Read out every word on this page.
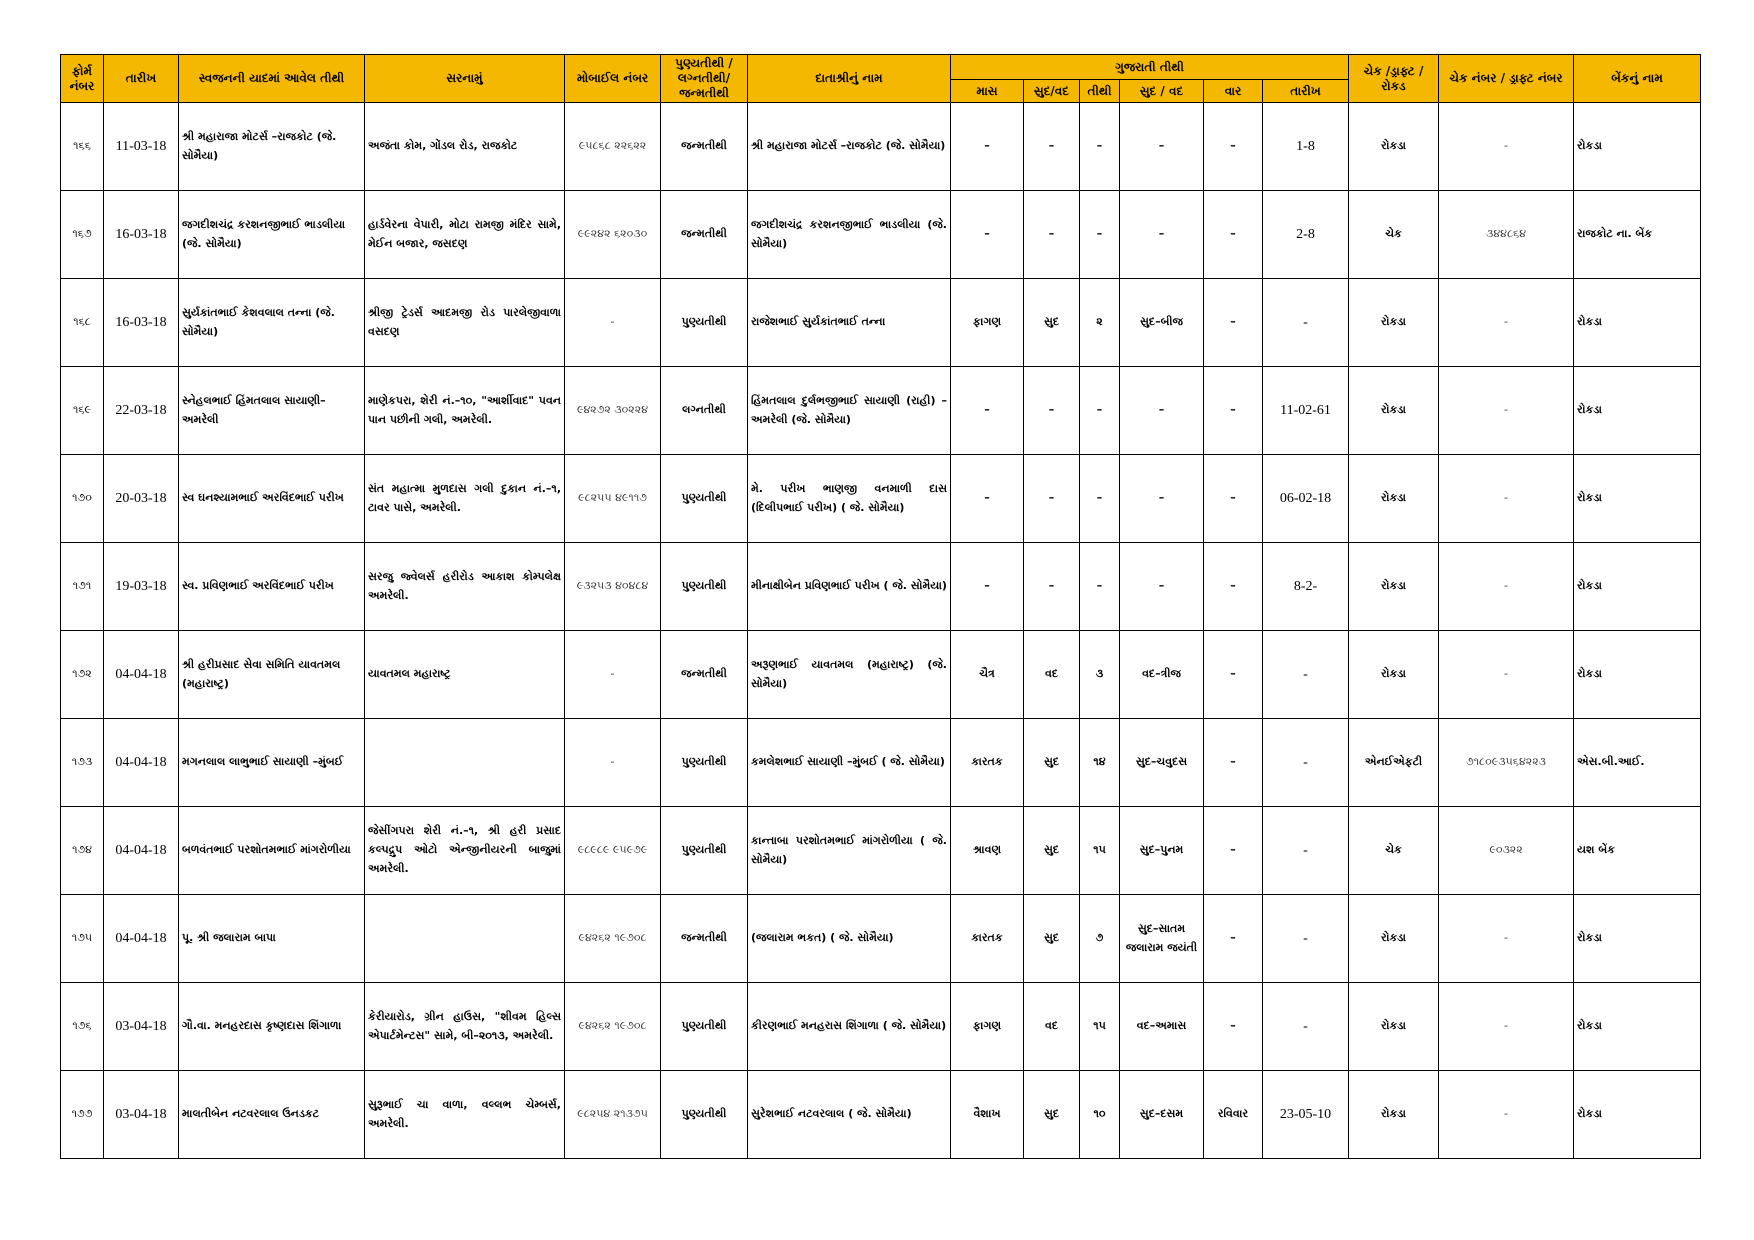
ફોર્મ નંબર	તારીખ	સ્વજનની યાદમાં આવેલ તીથી	સરનામું	મોબાઈલ નંબર	પુણ્યતીથી / લગ્નતીથી/ જન્મતીથી	દાતાશ્રીનું નામ	ગુજરાતી તીથી						ચેક /ડ્રાફ્ટ / રોકડ	ચેક નંબર / ડ્રાફ્ટ નંબર	બેંકનું નામ
							માસ	સુદ/વદ	તીથી	સુદ / વદ	વાર	તારીખ			
૧૬૬	11-03-18	શ્રી મહારાજા મોટર્સ –રાજકોટ (જે. સોમૈયા)	અજંતા કોમ, ગોંડલ રોડ, રાજકોટ	૯૫૮૬૮ ૨૨૬૨૨	જન્મતીથી	શ્રી મહારાજા મોટર્સ –રાજકોટ (જે. સોમૈયા)	–	–	–	–	–	1-8	રોકડા	-	રોકડા
૧૬૭	16-03-18	જગદીશચંદ્ર કરશનજીભાઈ ભાડલીયા (જે. સોમૈયા)	હાર્ડવેરના વેપારી, મોટા રામજી મંદિર સામે, મેઈન બજાર, જસદણ	૯૯૨૪૨ ૬૨૦૩૦	જન્મતીથી	જગદીશચંદ્ર કરશનજીભાઈ ભાડલીયા (જે. સોમૈયા)	–	–	–	–	–	2-8	ચેક	૩૪૪૮૬૪	રાજકોટ ના. બેંક
૧૬૮	16-03-18	સુર્યકાંતભાઈ કેશવલાલ તન્ના (જે. સોમૈયા)	શ્રીજી ટ્રેડર્સ આદમજી રોડ પારલેજીવાળા વસદણ	-	પુણ્યતીથી	રાજેશભાઈ સુર્યકાંતભાઈ તન્ના	ફાગણ	સુદ	૨	સુદ–બીજ	–	-	રોકડા	-	રોકડા
૧૬૯	22-03-18	સ્નેહલભાઈ હિંમતલાલ સાયાણી–અમરેલી	માણેકપરા, શેરી નં.–૧૦, "આર્શીવાદ" પવન પાન પછીની ગલી, અમરેલી.	૯૪૨૭૨ ૩૦૨૨૪	લગ્નતીથી	હિંમતલાલ દુર્લભજીભાઈ સાયાણી (રાહી) – અમરેલી (જે. સોમૈયા)	–	–	–	–	–	11-02-61	રોકડા	-	રોકડા
૧૭૦	20-03-18	સ્વ ઘનશ્યામભાઈ અરવિંદભાઈ પરીખ	સંત મહાત્મા મુળદાસ ગલી દુકાન નં.–૧, ટાવર પાસે, અમરેલી.	૯૮૨૫૫ ૪૯૧૧૭	પુણ્યતીથી	મે. પરીખ ભાણજી વનમાળી દાસ (દિલીપભાઈ પરીખ) ( જે. સોમૈયા)	–	–	–	–	–	06-02-18	રોકડા	-	રોકડા
૧૭૧	19-03-18	સ્વ. પ્રવિણભાઈ અરવિંદભાઈ પરીખ	સરજુ જ્વેલર્સ હરીરોડ આકાશ કોમ્પલેક્ષ અમરેલી.	૯૩૨૫૩ ૪૦૪૮૪	પુણ્યતીથી	મીનાક્ષીબેન પ્રવિણભાઈ પરીખ ( જે. સોમૈયા)	–	–	–	–	–	8-2-	રોકડા	-	રોકડા
૧૭૨	04-04-18	શ્રી હરીપ્રસાદ સેવા સમિતિ યાવતમલ (મહારાષ્ટ્ર)	યાવતમલ મહારાષ્ટ્ર	-	જન્મતીથી	અરૂણભાઈ યાવતમલ (મહારાષ્ટ્ર) (જે. સોમૈયા)	ચૈત્ર	વદ	૩	વદ–ત્રીજ	–	-	રોકડા	-	રોકડા
૧૭૩	04-04-18	મગનલાલ લાભુભાઈ સાયાણી –મુંબઈ		-	પુણ્યતીથી	કમલેશભાઈ સાયાણી –મુંબઈ ( જે. સોમૈયા)	કારતક	સુદ	૧૪	સુદ–ચવુદસ	–	-	એનઈએફટી	૭૧૮૦૯૩૫૬૪૨૨૩	એસ.બી.આઈ.
૧૭૪	04-04-18	બળવંતભાઈ પરશોતમભાઈ માંગરોળીયા	જેસીંગપરા શેરી નં.–૧, શ્રી હરી પ્રસાદ કલ્પદ્રુપ ઓટો એન્જીનીયરની બાજુમાં અમરેલી.	૯૮૯૮૯ ૯૫૯૭૯	પુણ્યતીથી	કાન્તાબા પરશોતમભાઈ માંગરોળીયા ( જે. સોમૈયા)	શ્રાવણ	સુદ	૧૫	સુદ–પુનમ	–	-	ચેક	૯૦૩૨૨	યશ બેંક
૧૭૫	04-04-18	પૂ. શ્રી જલારામ બાપા		૯૪૨૬૨ ૧૯૭૦૮	જન્મતીથી	(જલારામ ભકત) ( જે. સોમૈયા)	કારતક	સુદ	૭	સુદ–સાતમ જલારામ જયંતી	–	-	રોકડા	-	રોકડા
૧૭૬	03-04-18	ગૌ.વા. મનહરદાસ કૃષ્ણદાસ શિંગાળા	કેરીયારોડ, ગ્રીન હાઉસ, "શીવમ હિલ્સ એપાર્ટમેન્ટસ" સામે, બી–૨૦૧૩, અમરેલી.	૯૪૨૬૨ ૧૯૭૦૮	પુણ્યતીથી	કીરણભાઈ મનહરાસ શિંગાળા ( જે. સોમૈયા)	ફાગણ	વદ	૧૫	વદ–અમાસ	–	-	રોકડા	-	રોકડા
૧૭૭	03-04-18	માલતીબેન નટવરલાલ ઉનડકટ	સુરૂભાઈ ચા વાળા, વલ્લભ ચેમ્બર્સ, અમરેલી.	૯૮૨૫૪ ૨૧૩૭૫	પુણ્યતીથી	સુરેશભાઈ નટવરલાલ ( જે. સોમૈયા)	વૈશાખ	સુદ	૧૦	સુદ–દસમ	રવિવાર	23-05-10	રોકડા	-	રોકડા
